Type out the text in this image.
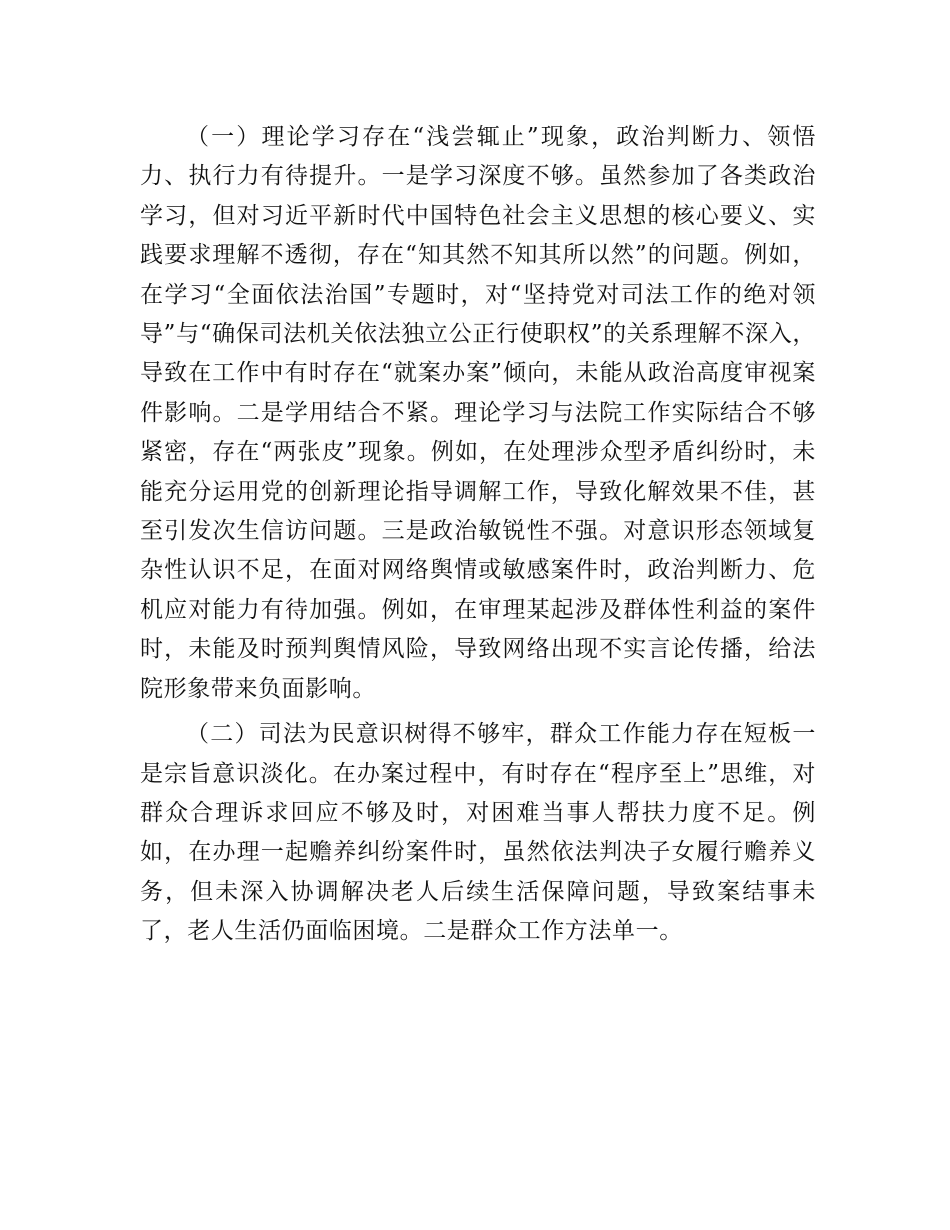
（一）理论学习存在“浅尝辄止”现象，政治判断力、领悟力、执行力有待提升。一是学习深度不够。虽然参加了各类政治学习，但对习近平新时代中国特色社会主义思想的核心要义、实践要求理解不透彻，存在“知其然不知其所以然”的问题。例如，在学习“全面依法治国”专题时，对“坚持党对司法工作的绝对领导”与“确保司法机关依法独立公正行使职权”的关系理解不深入，导致在工作中有时存在“就案办案”倾向，未能从政治高度审视案件影响。二是学用结合不紧。理论学习与法院工作实际结合不够紧密，存在“两张皮”现象。例如，在处理涉众型矛盾纠纷时，未能充分运用党的创新理论指导调解工作，导致化解效果不佳，甚至引发次生信访问题。三是政治敏锐性不强。对意识形态领域复杂性认识不足，在面对网络舆情或敏感案件时，政治判断力、危机应对能力有待加强。例如，在审理某起涉及群体性利益的案件时，未能及时预判舆情风险，导致网络出现不实言论传播，给法院形象带来负面影响。

（二）司法为民意识树得不够牢，群众工作能力存在短板一是宗旨意识淡化。在办案过程中，有时存在“程序至上”思维，对群众合理诉求回应不够及时，对困难当事人帮扶力度不足。例如，在办理一起赡养纠纷案件时，虽然依法判决子女履行赡养义务，但未深入协调解决老人后续生活保障问题，导致案结事未了，老人生活仍面临困境。二是群众工作方法单一。
